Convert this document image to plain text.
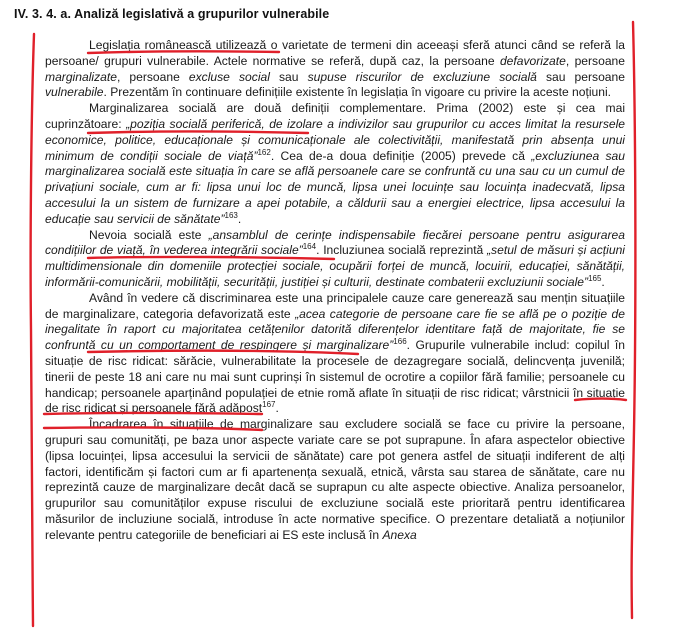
IV. 3. 4. a. Analiză legislativă a grupurilor vulnerabile

Legislația românească utilizează o varietate de termeni din aceeași sferă atunci când se referă la persoane/ grupuri vulnerabile. Actele normative se referă, după caz, la persoane defavorizate, persoane marginalizate, persoane excluse social sau supuse riscurilor de excluziune socială sau persoane vulnerabile. Prezentăm în continuare definițiile existente în legislația în vigoare cu privire la aceste noțiuni.

Marginalizarea socială are două definiții complementare. Prima (2002) este și cea mai cuprinzătoare: „poziția socială periferică, de izolare a indivizilor sau grupurilor cu acces limitat la resursele economice, politice, educaționale și comunicaționale ale colectivității, manifestată prin absența unui minimum de condiții sociale de viață”$^{162}$. Cea de-a doua definiție (2005) prevede că „excluziunea sau marginalizarea socială este situația în care se află persoanele care se confruntă cu una sau cu un cumul de privațiuni sociale, cum ar fi: lipsa unui loc de muncă, lipsa unei locuințe sau locuința inadecvată, lipsa accesului la un sistem de furnizare a apei potabile, a căldurii sau a energiei electrice, lipsa accesului la educație sau servicii de sănătate”$^{163}$.

Nevoia socială este „ansamblul de cerințe indispensabile fiecărei persoane pentru asigurarea condițiilor de viață, în vederea integrării sociale”$^{164}$. Incluziunea socială reprezintă „setul de măsuri și acțiuni multidimensionale din domeniile protecției sociale, ocupării forței de muncă, locuirii, educației, sănătății, informării-comunicării, mobilității, securității, justiției și culturii, destinate combaterii excluziunii sociale”$^{165}$.

Având în vedere că discriminarea este una principalele cauze care generează sau mențin situațiile de marginalizare, categoria defavorizată este „acea categorie de persoane care fie se află pe o poziție de inegalitate în raport cu majoritatea cetățenilor datorită diferențelor identitare față de majoritate, fie se confruntă cu un comportament de respingere și marginalizare”$^{166}$. Grupurile vulnerabile includ: copilul în situație de risc ridicat: sărăcie, vulnerabilitate la procesele de dezagregare socială, delincvența juvenilă; tinerii de peste 18 ani care nu mai sunt cuprinși în sistemul de ocrotire a copiilor fără familie; persoanele cu handicap; persoanele aparținând populației de etnie romă aflate în situații de risc ridicat; vârstnicii în situație de risc ridicat și persoanele fără adăpost$^{167}$.

Încadrarea în situațiile de marginalizare sau excludere socială se face cu privire la persoane, grupuri sau comunități, pe baza unor aspecte variate care se pot suprapune. În afara aspectelor obiective (lipsa locuinței, lipsa accesului la servicii de sănătate) care pot genera astfel de situații indiferent de alți factori, identificăm și factori cum ar fi apartenența sexuală, etnică, vârsta sau starea de sănătate, care nu reprezintă cauze de marginalizare decât dacă se suprapun cu alte aspecte obiective. Analiza persoanelor, grupurilor sau comunităților expuse riscului de excluziune socială este prioritară pentru identificarea măsurilor de incluziune socială, introduse în acte normative specifice. O prezentare detaliată a noțiunilor relevante pentru categoriile de beneficiari ai ES este inclusă în Anexa
